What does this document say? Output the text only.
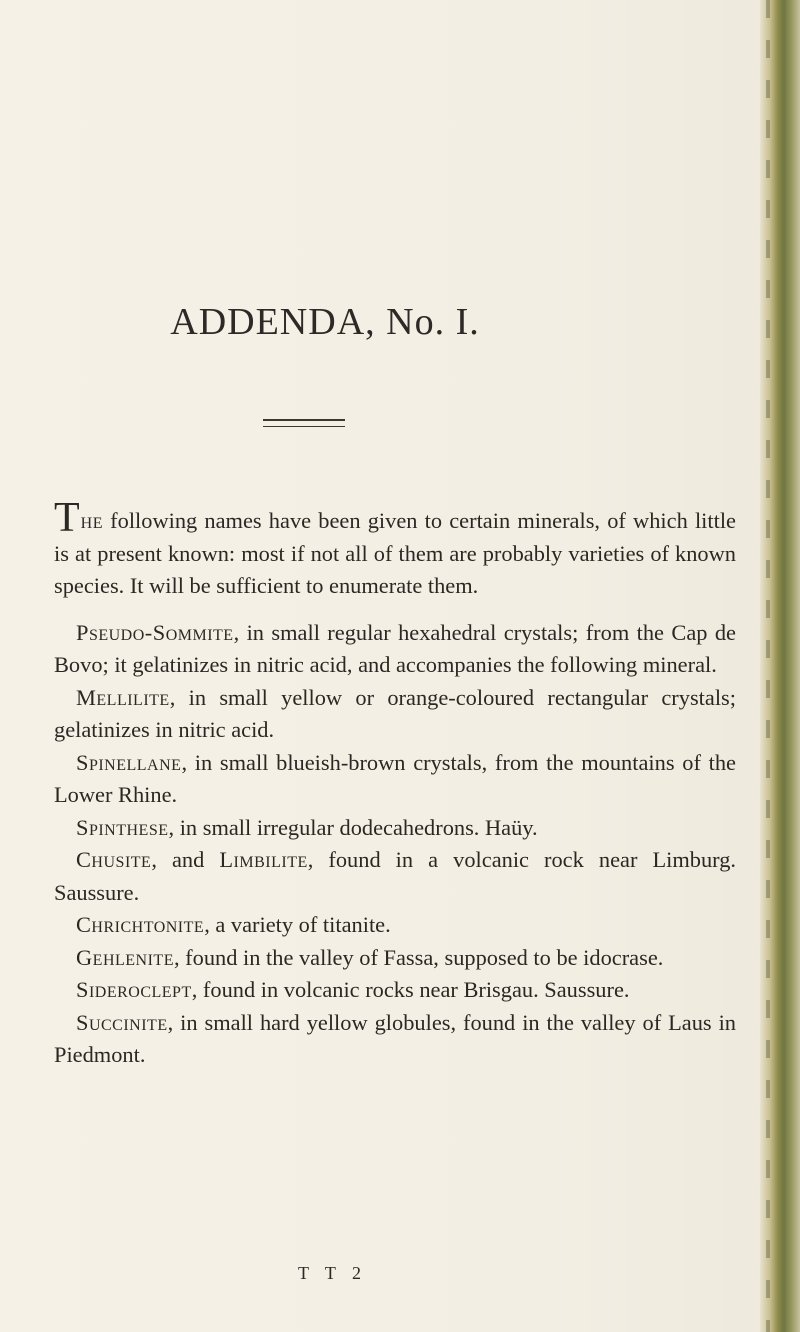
ADDENDA, No. I.

The following names have been given to certain minerals, of which little is at present known: most if not all of them are probably varieties of known species. It will be sufficient to enumerate them.

Pseudo-Sommite, in small regular hexahedral crystals; from the Cap de Bovo; it gelatinizes in nitric acid, and accompanies the following mineral.

Mellilite, in small yellow or orange-coloured rectangular crystals; gelatinizes in nitric acid.

Spinellane, in small blueish-brown crystals, from the mountains of the Lower Rhine.

Spinthese, in small irregular dodecahedrons. Haüy.

Chusite, and Limbilite, found in a volcanic rock near Limburg. Saussure.

Chrichtonite, a variety of titanite.

Gehlenite, found in the valley of Fassa, supposed to be idocrase.

Sideroclept, found in volcanic rocks near Brisgau. Saussure.

Succinite, in small hard yellow globules, found in the valley of Laus in Piedmont.

T T 2
